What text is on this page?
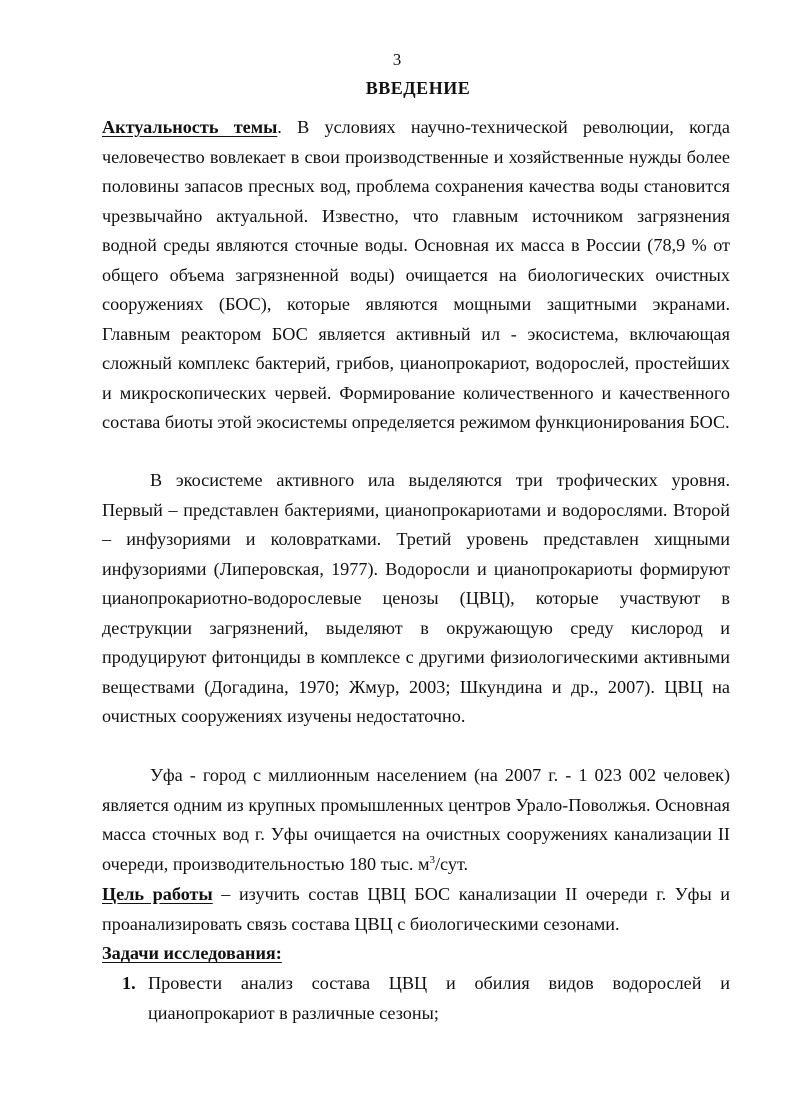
3
ВВЕДЕНИЕ
Актуальность темы. В условиях научно-технической революции, когда человечество вовлекает в свои производственные и хозяйственные нужды более половины запасов пресных вод, проблема сохранения качества воды становится чрезвычайно актуальной. Известно, что главным источником загрязнения водной среды являются сточные воды. Основная их масса в России (78,9 % от общего объема загрязненной воды) очищается на биологических очистных сооружениях (БОС), которые являются мощными защитными экранами. Главным реактором БОС является активный ил - экосистема, включающая сложный комплекс бактерий, грибов, цианопрокариот, водорослей, простейших и микроскопических червей. Формирование количественного и качественного состава биоты этой экосистемы определяется режимом функционирования БОС.
В экосистеме активного ила выделяются три трофических уровня. Первый – представлен бактериями, цианопрокариотами и водорослями. Второй – инфузориями и коловратками. Третий уровень представлен хищными инфузориями (Липеровская, 1977). Водоросли и цианопрокариоты формируют цианопрокариотно-водорослевые ценозы (ЦВЦ), которые участвуют в деструкции загрязнений, выделяют в окружающую среду кислород и продуцируют фитонциды в комплексе с другими физиологическими активными веществами (Догадина, 1970; Жмур, 2003; Шкундина и др., 2007). ЦВЦ на очистных сооружениях изучены недостаточно.
Уфа - город с миллионным населением (на 2007 г. - 1 023 002 человек) является одним из крупных промышленных центров Урало-Поволжья. Основная масса сточных вод г. Уфы очищается на очистных сооружениях канализации II очереди, производительностью 180 тыс. $м^3$/сут.
Цель работы – изучить состав ЦВЦ БОС канализации II очереди г. Уфы и проанализировать связь состава ЦВЦ с биологическими сезонами.
Задачи исследования:
1. Провести анализ состава ЦВЦ и обилия видов водорослей и цианопрокариот в различные сезоны;
